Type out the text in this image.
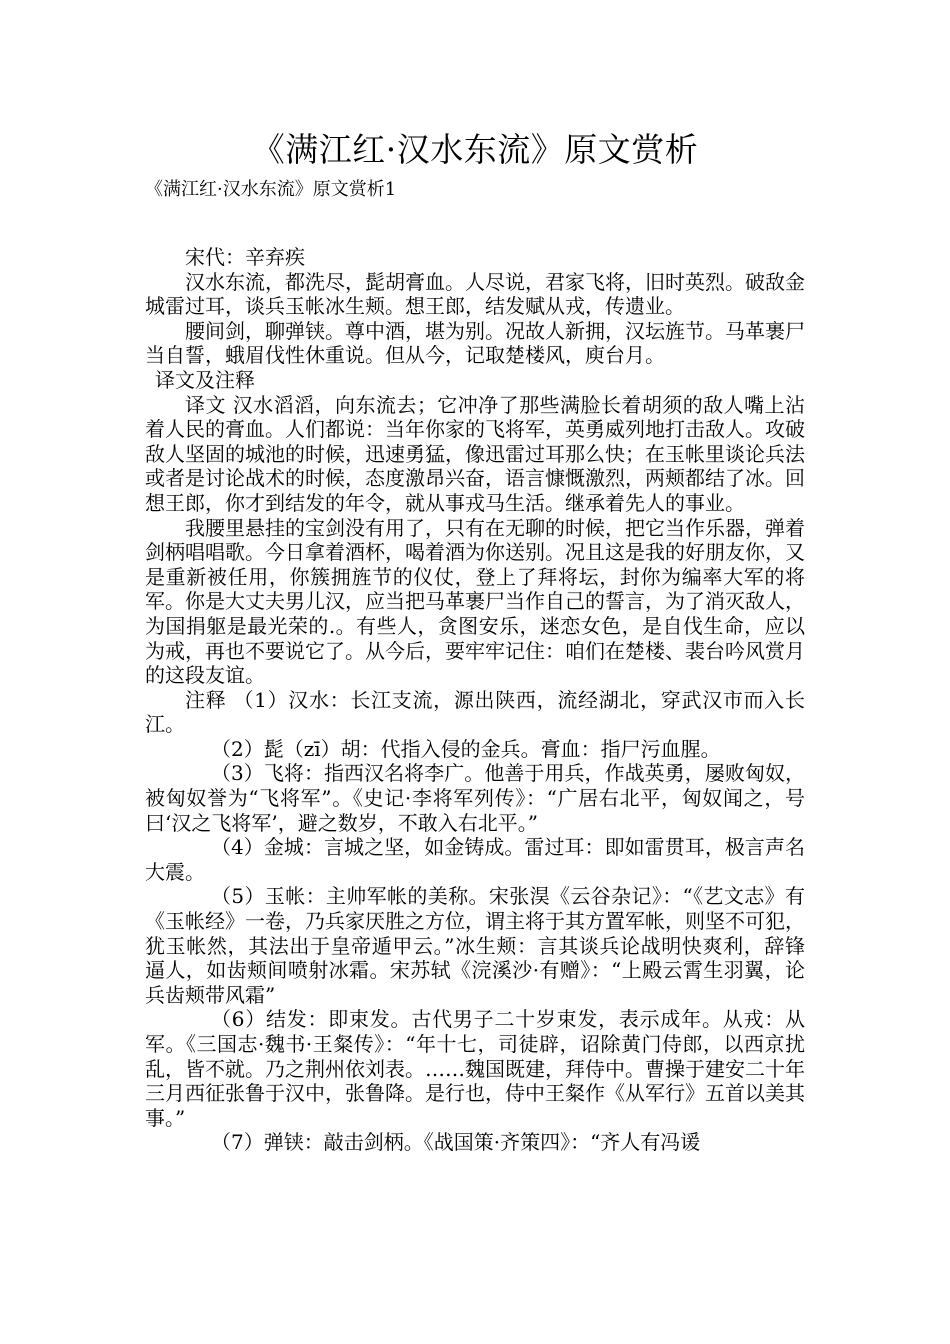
《满江红·汉水东流》原文赏析
《满江红·汉水东流》原文赏析1

宋代：辛弃疾

汉水东流，都洗尽，髭胡膏血。人尽说，君家飞将，旧时英烈。破敌金城雷过耳，谈兵玉帐冰生颊。想王郎，结发赋从戎，传遗业。

腰间剑，聊弹铗。尊中酒，堪为别。况故人新拥，汉坛旌节。马革裹尸当自誓，蛾眉伐性休重说。但从今，记取楚楼风，庾台月。

译文及注释

译文 汉水滔滔，向东流去；它冲净了那些满脸长着胡须的敌人嘴上沾着人民的膏血。人们都说：当年你家的飞将军，英勇威列地打击敌人。攻破敌人坚固的城池的时候，迅速勇猛，像迅雷过耳那么快；在玉帐里谈论兵法或者是讨论战术的时候，态度激昂兴奋，语言慷慨激烈，两颊都结了冰。回想王郎，你才到结发的年令，就从事戎马生活。继承着先人的事业。

我腰里悬挂的宝剑没有用了，只有在无聊的时候，把它当作乐器，弹着剑柄唱唱歌。今日拿着酒杯，喝着酒为你送别。况且这是我的好朋友你，又是重新被任用，你簇拥旌节的仪仗，登上了拜将坛，封你为编率大军的将军。你是大丈夫男儿汉，应当把马革裹尸当作自己的誓言，为了消灭敌人，为国捐躯是最光荣的.。有些人，贪图安乐，迷恋女色，是自伐生命，应以为戒，再也不要说它了。从今后，要牢牢记住：咱们在楚楼、裴台吟风赏月的这段友谊。

注释 （1）汉水：长江支流，源出陕西，流经湖北，穿武汉市而入长江。

（2）髭（zī）胡：代指入侵的金兵。膏血：指尸污血腥。

（3）飞将：指西汉名将李广。他善于用兵，作战英勇，屡败匈奴，被匈奴誉为“飞将军”。《史记·李将军列传》：“广居右北平，匈奴闻之，号曰‘汉之飞将军’，避之数岁，不敢入右北平。”

（4）金城：言城之坚，如金铸成。雷过耳：即如雷贯耳，极言声名大震。

（5）玉帐：主帅军帐的美称。宋张淏《云谷杂记》：“《艺文志》有《玉帐经》一卷，乃兵家厌胜之方位，谓主将于其方置军帐，则坚不可犯，犹玉帐然，其法出于皇帝遁甲云。”冰生颊：言其谈兵论战明快爽利，辞锋逼人，如齿颊间喷射冰霜。宋苏轼《浣溪沙·有赠》：“上殿云霄生羽翼，论兵齿颊带风霜”

（6）结发：即束发。古代男子二十岁束发，表示成年。从戎：从军。《三国志·魏书·王粲传》：“年十七，司徒辟，诏除黄门侍郎，以西京扰乱，皆不就。乃之荆州依刘表。……魏国既建，拜侍中。曹操于建安二十年三月西征张鲁于汉中，张鲁降。是行也，侍中王粲作《从军行》五首以美其事。”

（7）弹铗：敲击剑柄。《战国策·齐策四》：“齐人有冯谖
